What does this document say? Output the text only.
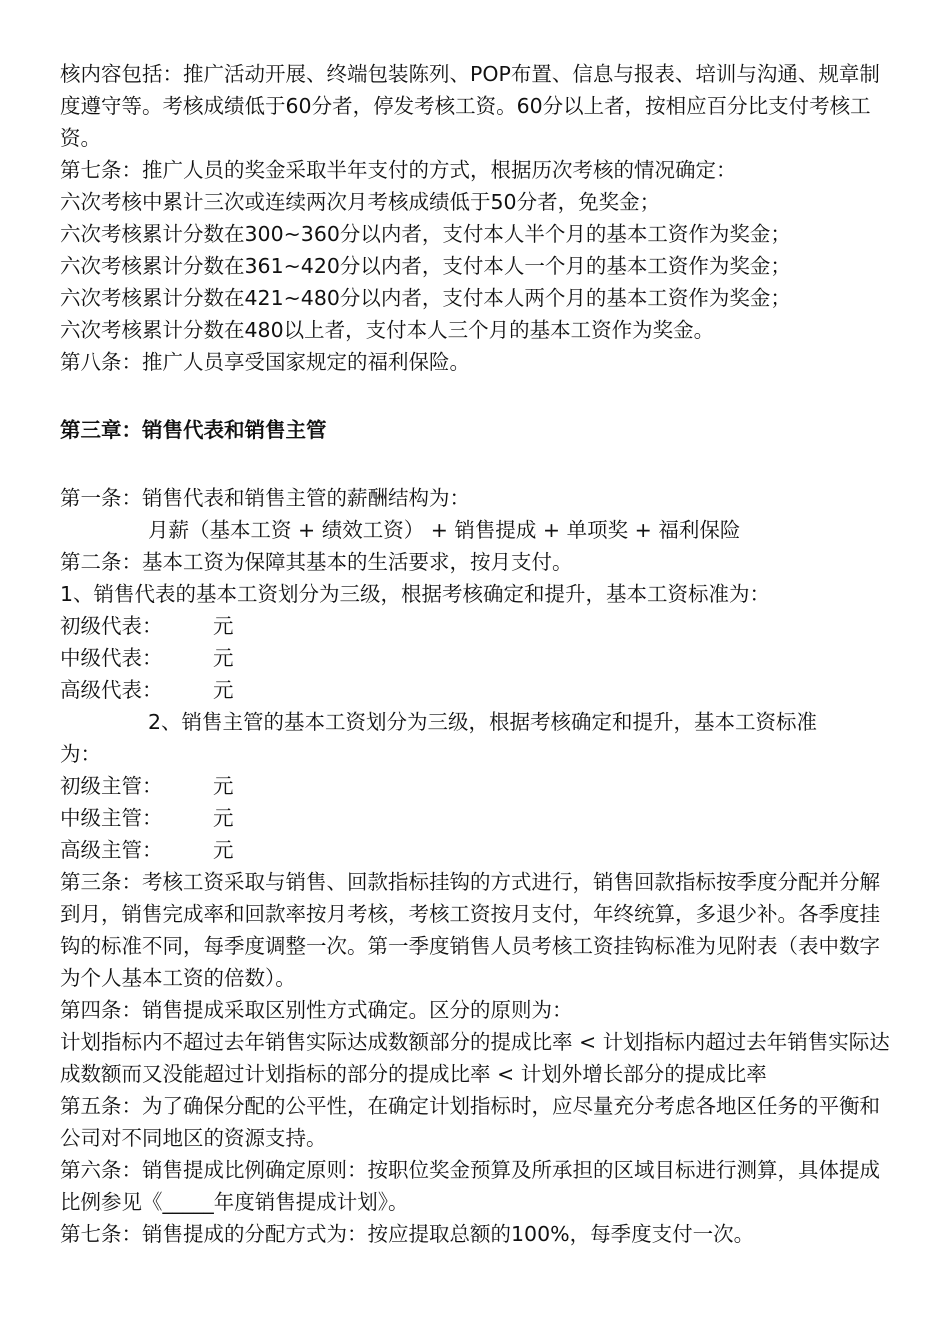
核内容包括：推广活动开展、终端包装陈列、POP布置、信息与报表、培训与沟通、规章制度遵守等。考核成绩低于60分者，停发考核工资。60分以上者，按相应百分比支付考核工资。

第七条：推广人员的奖金采取半年支付的方式，根据历次考核的情况确定：

六次考核中累计三次或连续两次月考核成绩低于50分者，免奖金；

六次考核累计分数在300~360分以内者，支付本人半个月的基本工资作为奖金；

六次考核累计分数在361~420分以内者，支付本人一个月的基本工资作为奖金；

六次考核累计分数在421~480分以内者，支付本人两个月的基本工资作为奖金；

六次考核累计分数在480以上者，支付本人三个月的基本工资作为奖金。

第八条：推广人员享受国家规定的福利保险。

第三章：销售代表和销售主管

第一条：销售代表和销售主管的薪酬结构为：

月薪（基本工资 + 绩效工资） + 销售提成 + 单项奖 + 福利保险

第二条：基本工资为保障其基本的生活要求，按月支付。

1、销售代表的基本工资划分为三级，根据考核确定和提升，基本工资标准为：

初级代表：	元
中级代表：	元
高级代表：	元

2、销售主管的基本工资划分为三级，根据考核确定和提升，基本工资标准

为：

初级主管：	元
中级主管：	元
高级主管：	元

第三条：考核工资采取与销售、回款指标挂钩的方式进行，销售回款指标按季度分配并分解到月，销售完成率和回款率按月考核，考核工资按月支付，年终统算，多退少补。各季度挂钩的标准不同，每季度调整一次。第一季度销售人员考核工资挂钩标准为见附表（表中数字为个人基本工资的倍数）。

第四条：销售提成采取区别性方式确定。区分的原则为：

计划指标内不超过去年销售实际达成数额部分的提成比率 < 计划指标内超过去年销售实际达成数额而又没能超过计划指标的部分的提成比率 < 计划外增长部分的提成比率

第五条：为了确保分配的公平性，在确定计划指标时，应尽量充分考虑各地区任务的平衡和公司对不同地区的资源支持。

第六条：销售提成比例确定原则：按职位奖金预算及所承担的区域目标进行测算，具体提成比例参见《_____年度销售提成计划》。

第七条：销售提成的分配方式为：按应提取总额的100%，每季度支付一次。
